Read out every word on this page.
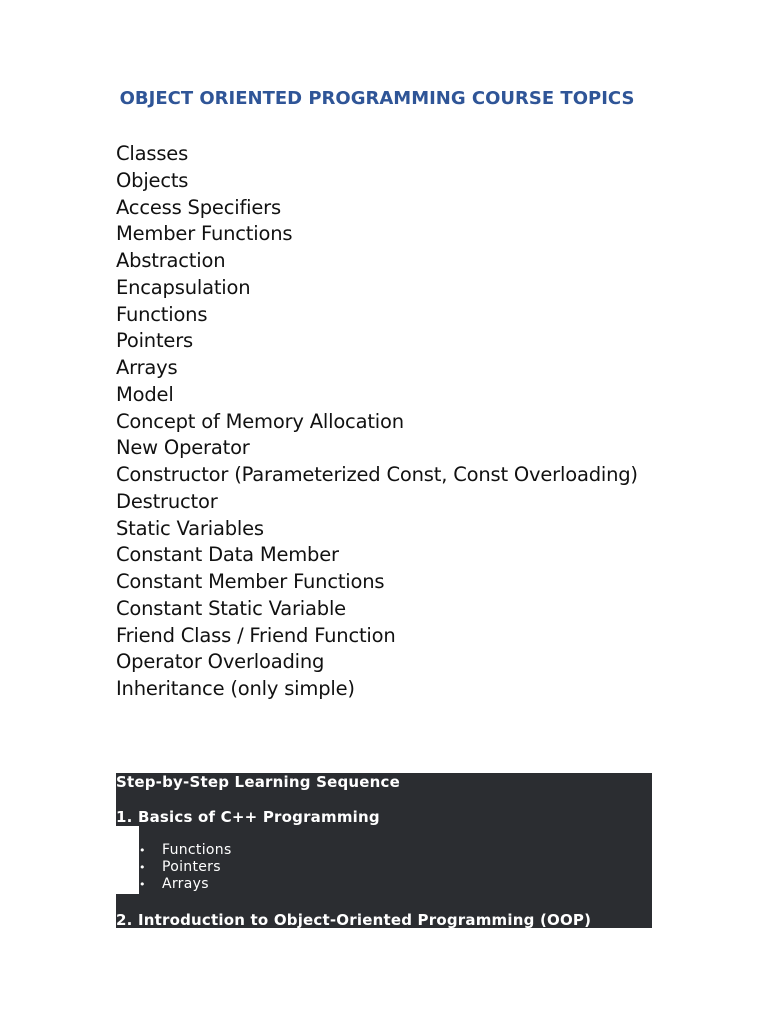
OBJECT ORIENTED PROGRAMMING COURSE TOPICS
Classes
Objects
Access Specifiers
Member Functions
Abstraction
Encapsulation
Functions
Pointers
Arrays
Model
Concept of Memory Allocation
New Operator
Constructor (Parameterized Const, Const Overloading)
Destructor
Static Variables
Constant Data Member
Constant Member Functions
Constant Static Variable
Friend Class / Friend Function
Operator Overloading
Inheritance (only simple)

Step-by-Step Learning Sequence

1. Basics of C++ Programming

• Functions
• Pointers
• Arrays

2. Introduction to Object-Oriented Programming (OOP)
